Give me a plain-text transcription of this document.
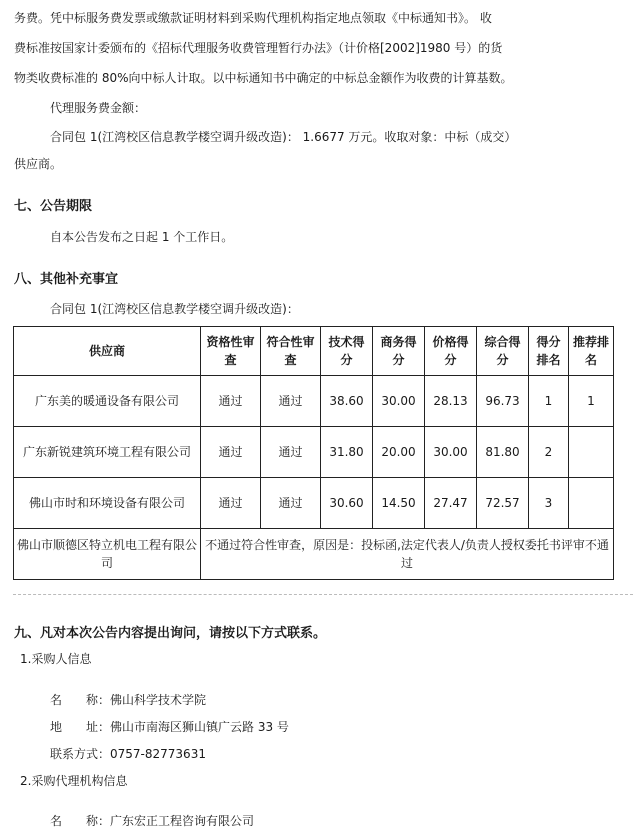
务费。凭中标服务费发票或缴款证明材料到采购代理机构指定地点领取《中标通知书》。 收
费标准按国家计委颁布的《招标代理服务收费管理暂行办法》（计价格[2002]1980 号）的货
物类收费标准的 80%向中标人计取。以中标通知书中确定的中标总金额作为收费的计算基数。
代理服务费金额：
合同包 1(江湾校区信息教学楼空调升级改造)： 1.6677 万元。收取对象：中标（成交）
供应商。
七、公告期限
自本公告发布之日起 1 个工作日。
八、其他补充事宜
合同包 1(江湾校区信息教学楼空调升级改造)：
供应商	资格性审查	符合性审查	技术得分	商务得分	价格得分	综合得分	得分排名	推荐排名
广东美的暖通设备有限公司	通过	通过	38.60	30.00	28.13	96.73	1	1
广东新锐建筑环境工程有限公司	通过	通过	31.80	20.00	30.00	81.80	2	
佛山市时和环境设备有限公司	通过	通过	30.60	14.50	27.47	72.57	3	
佛山市顺德区特立机电工程有限公司	不通过符合性审查，原因是：投标函,法定代表人/负责人授权委托书评审不通过							
九、凡对本次公告内容提出询问，请按以下方式联系。
1.采购人信息
名　　称：佛山科学技术学院
地　　址：佛山市南海区狮山镇广云路 33 号
联系方式：0757-82773631
2.采购代理机构信息
名　　称：广东宏正工程咨询有限公司
